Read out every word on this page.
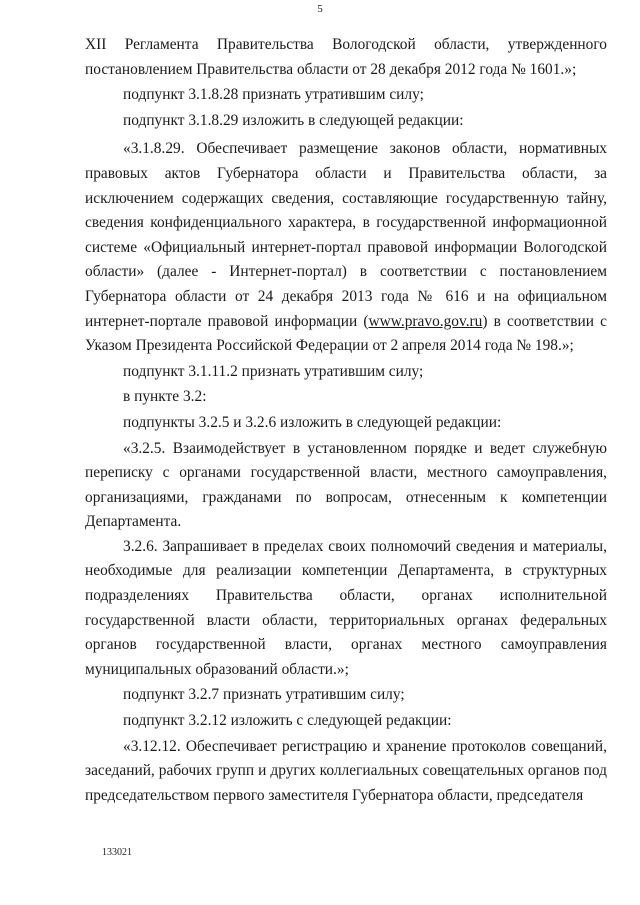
5

XII Регламента Правительства Вологодской области, утвержденного постановлением Правительства области от 28 декабря 2012 года № 1601.»;

подпункт 3.1.8.28 признать утратившим силу;

подпункт 3.1.8.29 изложить в следующей редакции:

«3.1.8.29. Обеспечивает размещение законов области, нормативных правовых актов Губернатора области и Правительства области, за исключением содержащих сведения, составляющие государственную тайну, сведения конфиденциального характера, в государственной информационной системе «Официальный интернет-портал правовой информации Вологодской области» (далее - Интернет-портал) в соответствии с постановлением Губернатора области от 24 декабря 2013 года № 616 и на официальном интернет-портале правовой информации (www.pravo.gov.ru) в соответствии с Указом Президента Российской Федерации от 2 апреля 2014 года № 198.»;

подпункт 3.1.11.2 признать утратившим силу;

в пункте 3.2:

подпункты 3.2.5 и 3.2.6 изложить в следующей редакции:

«3.2.5. Взаимодействует в установленном порядке и ведет служебную переписку с органами государственной власти, местного самоуправления, организациями, гражданами по вопросам, отнесенным к компетенции Департамента.

3.2.6. Запрашивает в пределах своих полномочий сведения и материалы, необходимые для реализации компетенции Департамента, в структурных подразделениях Правительства области, органах исполнительной государственной власти области, территориальных органах федеральных органов государственной власти, органах местного самоуправления муниципальных образований области.»;

подпункт 3.2.7 признать утратившим силу;

подпункт 3.2.12 изложить с следующей редакции:

«3.12.12. Обеспечивает регистрацию и хранение протоколов совещаний, заседаний, рабочих групп и других коллегиальных совещательных органов под председательством первого заместителя Губернатора области, председателя

133021
